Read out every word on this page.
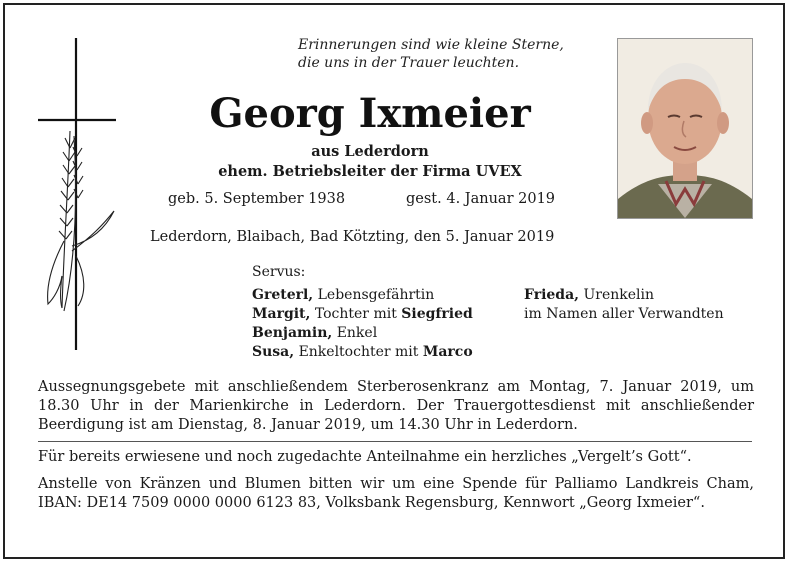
Erinnerungen sind wie kleine Sterne,
die uns in der Trauer leuchten.
Georg Ixmeier
aus Lederdorn
ehem. Betriebsleiter der Firma UVEX
geb. 5. September 1938	gest. 4. Januar 2019
Lederdorn, Blaibach, Bad Kötzting, den 5. Januar 2019
Servus:
Greterl, Lebensgefährtin
Margit, Tochter mit Siegfried
Benjamin, Enkel
Susa, Enkeltochter mit Marco
Frieda, Urenkelin
im Namen aller Verwandten
Aussegnungsgebete mit anschließendem Sterberosenkranz am Montag, 7. Januar 2019, um 18.30 Uhr in der Marienkirche in Lederdorn. Der Trauergottesdienst mit anschließender Beerdigung ist am Dienstag, 8. Januar 2019, um 14.30 Uhr in Lederdorn.
Für bereits erwiesene und noch zugedachte Anteilnahme ein herzliches „Vergelt’s Gott“.
Anstelle von Kränzen und Blumen bitten wir um eine Spende für Palliamo Landkreis Cham, IBAN: DE14 7509 0000 0000 6123 83, Volksbank Regensburg, Kennwort „Georg Ixmeier“.
